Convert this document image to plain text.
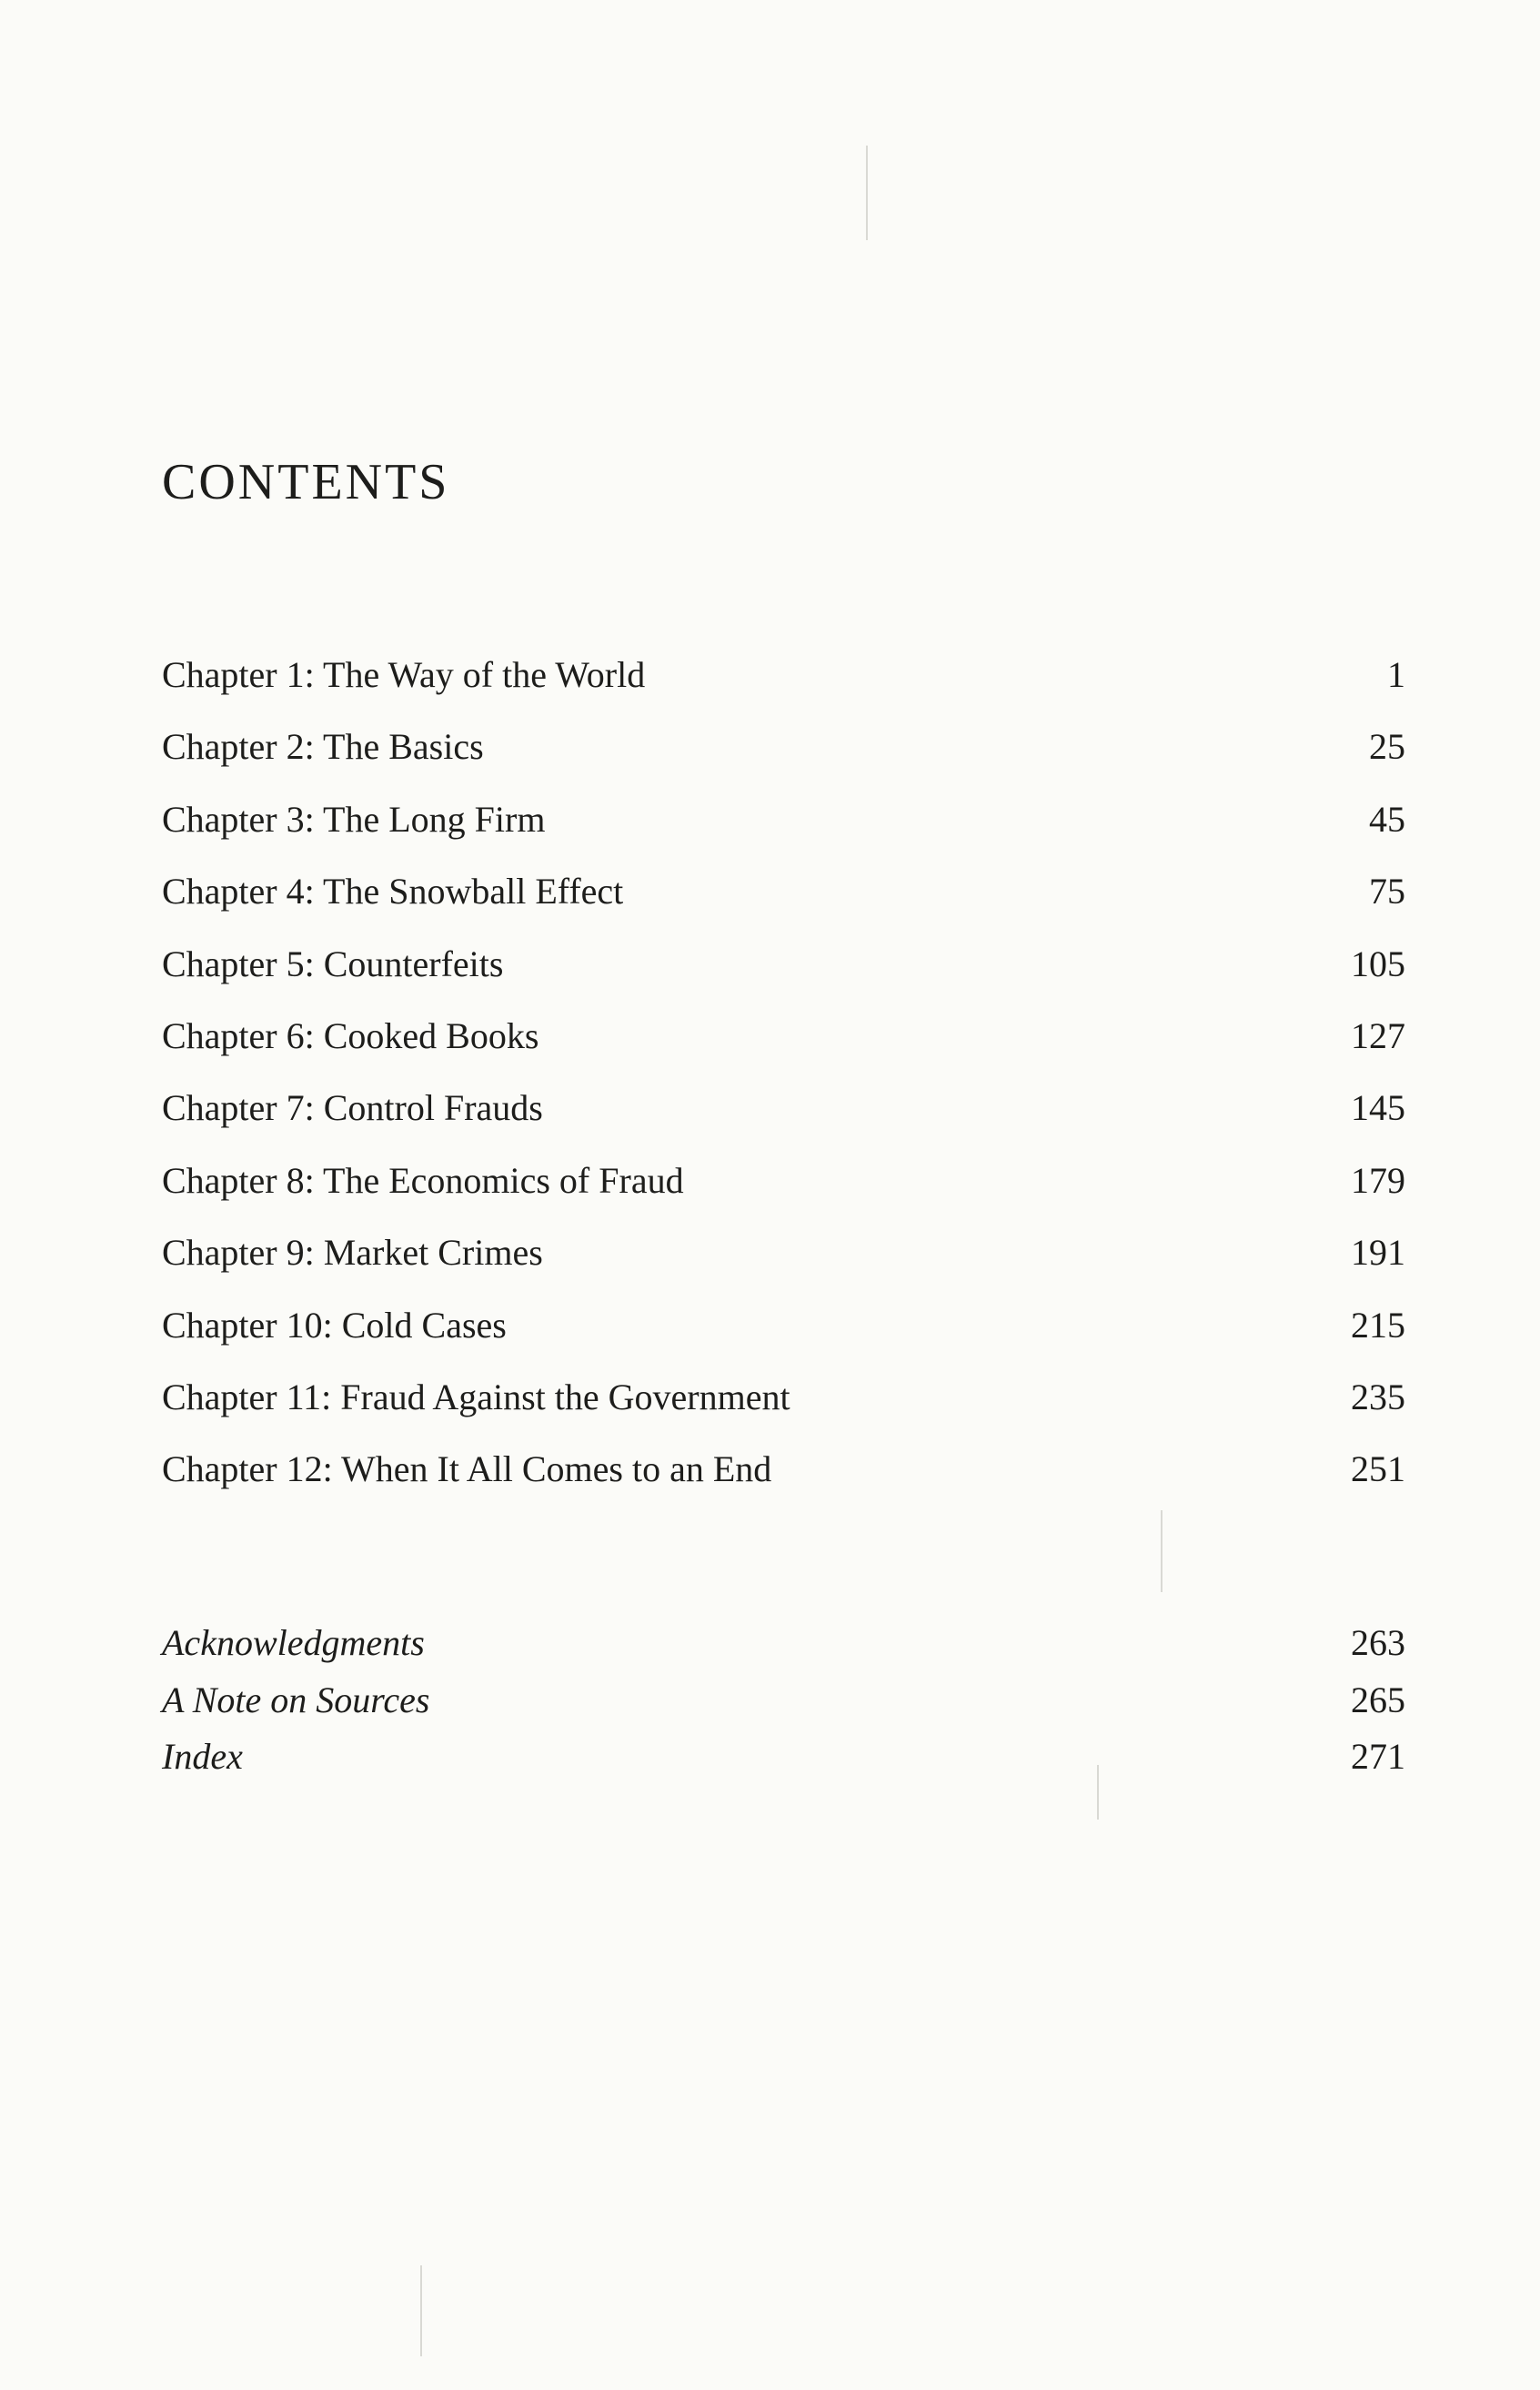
CONTENTS
Chapter 1: The Way of the World	1
Chapter 2: The Basics	25
Chapter 3: The Long Firm	45
Chapter 4: The Snowball Effect	75
Chapter 5: Counterfeits	105
Chapter 6: Cooked Books	127
Chapter 7: Control Frauds	145
Chapter 8: The Economics of Fraud	179
Chapter 9: Market Crimes	191
Chapter 10: Cold Cases	215
Chapter 11: Fraud Against the Government	235
Chapter 12: When It All Comes to an End	251
Acknowledgments	263
A Note on Sources	265
Index	271
